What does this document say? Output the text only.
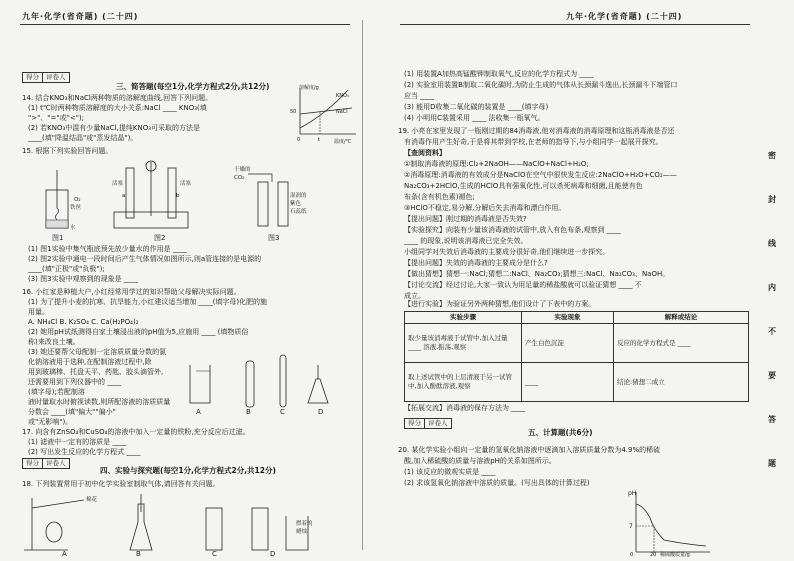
九年·化学(省奇题) (二十四)	九年·化学(省奇题) (二十四)
得分	评卷人
三、简答题(每空1分,化学方程式2分,共12分)
14. 结合KNO₃和NaCl两种物质的溶解度曲线,回答下列问题。
(1) t℃时两种物质溶解度的大小关系:NaCl ____ KNO₃(填
">"、"="或"<");
(2) 若KNO₃中混有少量NaCl,提纯KNO₃可采取的方法是
____(填"降温结晶"或"蒸发结晶")。
溶解度/g
50
KNO₃
NaCl
0	t	温度/℃
15. 根据下列实验回答问题。
O₂
铁丝
水
图1
活塞
a	b
活塞
图2
干燥的
CO₂
湿润的
紫色
石蕊纸
图3
(1) 图1实验中集气瓶底预先放少量水的作用是 ____
(2) 图2实验中通电一段时间后产生气体情况如图所示,则a管连接的是电源的
____(填"正极"或"负极");
(3) 图3实验中观察到的现象是 ____
16. 小红家是种植大户,小红经常用学过的知识帮助父母解决实际问题。
(1) 为了提升小麦的抗寒、抗旱能力,小红建议适当增加 ____(填字母)化肥的施
用量。
A. NH₄Cl B. K₂SO₄ C. Ca(H₂PO₄)₂
(2) 她用pH试纸测得自家土壤浸出液的pH值为5,应施用 ____ (填物质俗
称)来改良土壤。
(3) 她还要帮父母配制一定溶质质量分数的氯
化钠溶液用于选种,在配制溶液过程中,除
用到玻璃棒、托盘天平、药匙、胶头滴管外,
还需要用到下列仪器中的 ____
(填字母);若配制溶
液时量取水时俯视读数,则所配溶液的溶质质量
分数会 ____(填"偏大""偏小"
或"无影响")。
A	B	C	D
17. 向含有ZnSO₄和CuSO₄的溶液中加入一定量的铁粉,充分反应后过滤。
(1) 滤液中一定有的溶质是 ____
(2) 写出发生反应的化学方程式 ____
得分	评卷人
四、实验与探究题(每空1分,化学方程式2分,共12分)
18. 下列装置常用于初中化学实验室制取气体,请回答有关问题。
棉花
燃着的
蜡烛
A	B	C	D
(1) 用装置A加热高锰酸钾制取氧气,反应的化学方程式为 ____
(2) 实验室用装置B制取二氧化碳时,为防止生成的气体从长颈漏斗逸出,长颈漏斗下端管口
应当 ____
(3) 能用D收集二氧化碳的装置是 ____(填字母)
(4) 小明用C装置采用 ____ 法收集一瓶氧气。
19. 小亮在家里发现了一瓶刚过期的84消毒液,他对消毒液的消毒原理和这瓶消毒液是否还
有消毒作用产生好奇,于是将其带到学校,在老师的指导下,与小组同学一起展开探究。
【查阅资料】
①制取消毒液的原理:Cl₂+2NaOH——NaClO+NaCl+H₂O;
②消毒原理:消毒液的有效成分是NaClO在空气中很快发生反应:2NaClO+H₂O+CO₂——
Na₂CO₃+2HClO,生成的HClO具有强氧化性,可以杀死病毒和细菌,且能使有色
布条(含有机色素)褪色;
③HClO不稳定,易分解,分解后失去消毒和漂白作用。
【提出问题】刚过期的消毒液是否失效?
【实验探究】向装有少量该消毒液的试管中,放入有色布条,观察到 ____
____ 的现象,说明该消毒液已完全失效。
小组同学对失效后消毒液的主要成分很好奇,他们继续进一步探究。
【提出问题】失效的消毒液的主要成分是什么?
【做出猜想】猜想一:NaCl;猜想二:NaCl、Na₂CO₃;猜想三:NaCl、Na₂CO₃、NaOH。
【讨论交流】经过讨论,大家一致认为用足量的稀盐酸就可以验证猜想 ____ 不
成立。
【进行实验】为验证另外两种猜想,他们设计了下表中的方案。
实验步骤	实验现象	解释或结论
取少量该消毒液于试管中,加入过量 ____ 溶液,振荡,观察	产生白色沉淀	反应的化学方程式是 ____
取上述试管中的上层清液于另一试管中,加入酚酞溶液,观察	____	结论:猜想二成立
【拓展交流】消毒液的保存方法为 ____
得分	评卷人
五、计算题(共6分)
20. 某化学实验小组向一定量的氢氧化钠溶液中逐滴加入溶质质量分数为4.9%的稀硫
酸,加入稀硫酸的质量与溶液pH的关系如图所示。
(1) 该反应的微观实质是 ____
(2) 求该氢氧化钠溶液中溶质的质量。(写出具体的计算过程)
pH
7
0	20 稀硫酸质量/g
密
封
线
内
不
要
答
题
